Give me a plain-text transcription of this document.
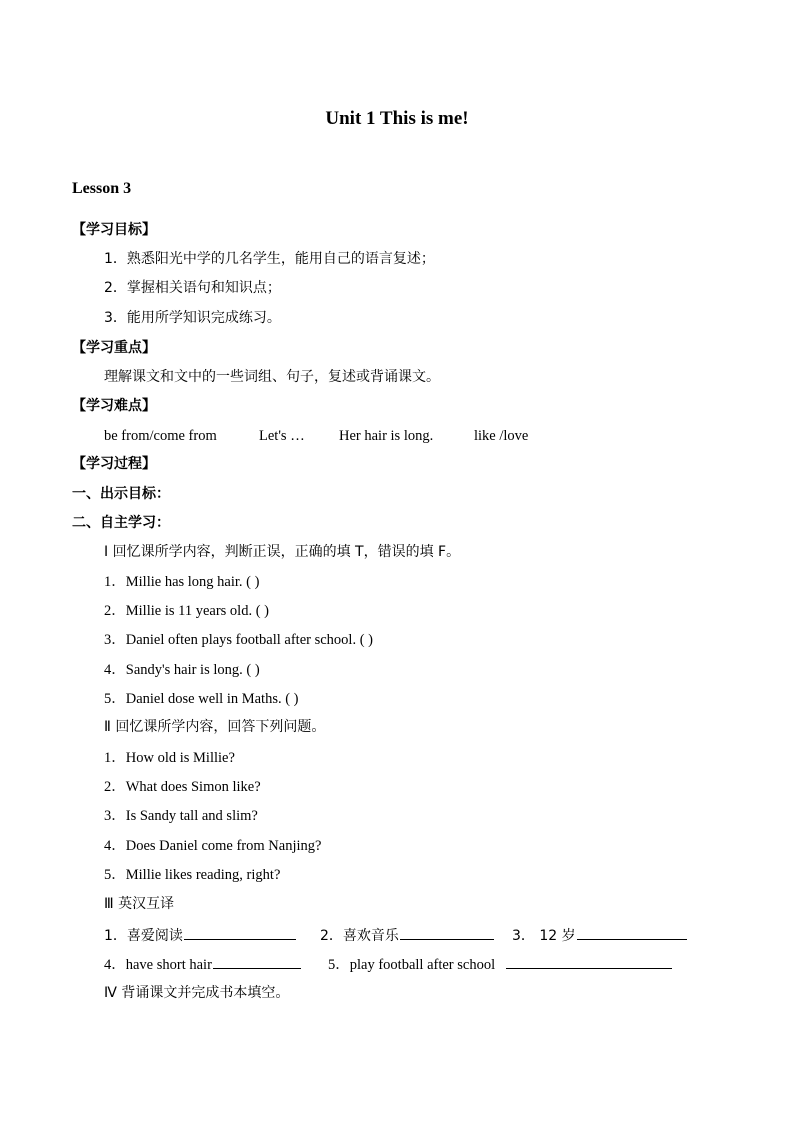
Unit 1 This is me!
Lesson 3
【学习目标】
1．熟悉阳光中学的几名学生，能用自己的语言复述；
2．掌握相关语句和知识点；
3．能用所学知识完成练习。
【学习重点】
理解课文和文中的一些词组、句子，复述或背诵课文。
【学习难点】
be from/come from	Let's … Her hair is long.	like /love
【学习过程】
一、出示目标：
二、自主学习：
Ⅰ 回忆课所学内容，判断正误，正确的填 T，错误的填 F。
1．Millie has long hair. ( )
2．Millie is 11 years old. ( )
3．Daniel often plays football after school. ( )
4．Sandy's hair is long. ( )
5．Daniel dose well in Maths. ( )
Ⅱ 回忆课所学内容，回答下列问题。
1．How old is Millie?
2．What does Simon like?
3．Is Sandy tall and slim?
4．Does Daniel come from Nanjing?
5．Millie likes reading, right?
Ⅲ 英汉互译
1．喜爱阅读	2．喜欢音乐	3． 12 岁
4．have short hair	5．play football after school
Ⅳ 背诵课文并完成书本填空。
